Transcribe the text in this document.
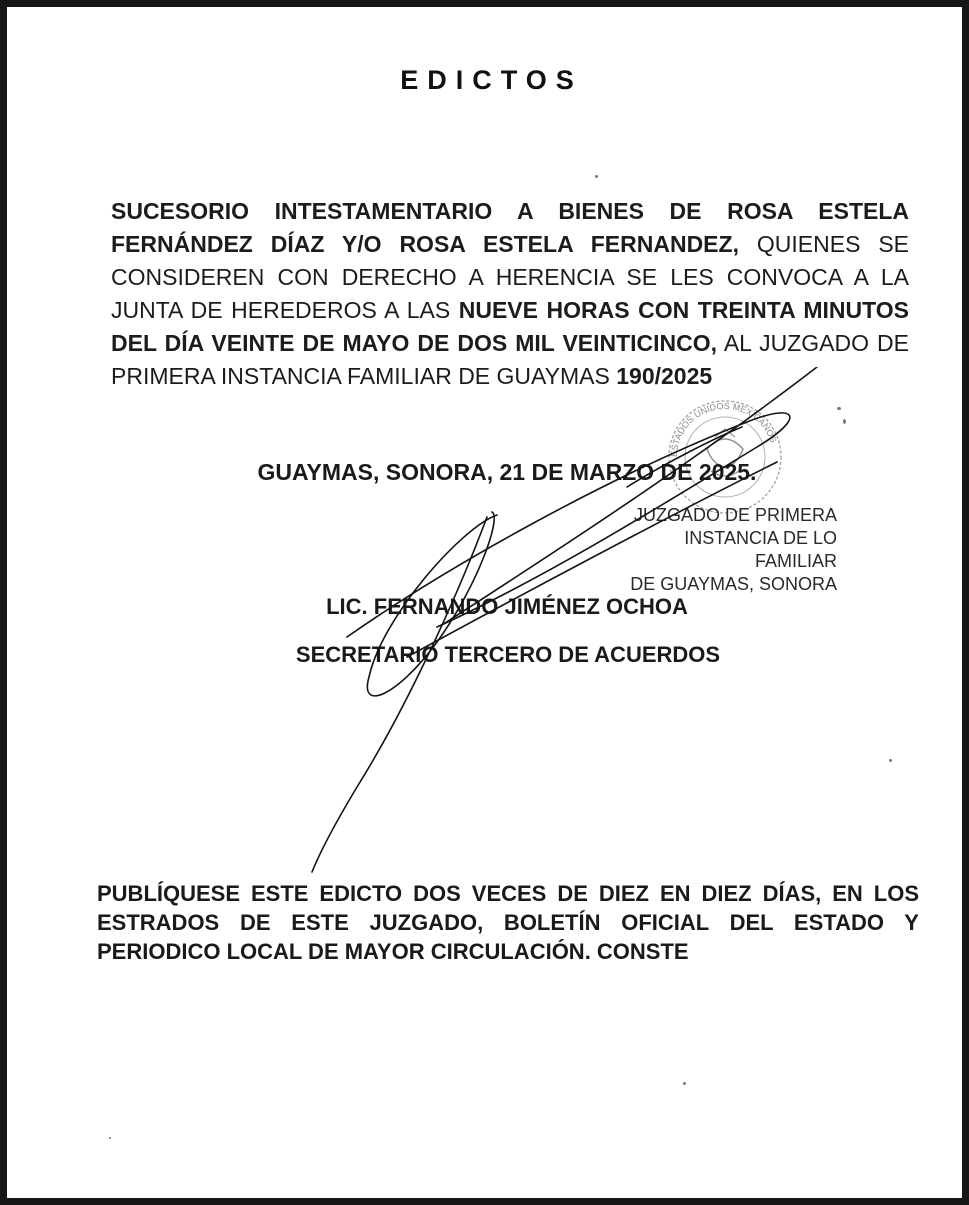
EDICTOS
SUCESORIO INTESTAMENTARIO A BIENES DE ROSA ESTELA FERNÁNDEZ DÍAZ Y/O ROSA ESTELA FERNANDEZ, QUIENES SE CONSIDEREN CON DERECHO A HERENCIA SE LES CONVOCA A LA JUNTA DE HEREDEROS A LAS NUEVE HORAS CON TREINTA MINUTOS DEL DÍA VEINTE DE MAYO DE DOS MIL VEINTICINCO, AL JUZGADO DE PRIMERA INSTANCIA FAMILIAR DE GUAYMAS 190/2025
ESTADOS UNIDOS MEXICANOS
GUAYMAS, SONORA, 21 DE MARZO DE 2025.
JUZGADO DE PRIMERA
INSTANCIA DE LO FAMILIAR
DE GUAYMAS, SONORA
LIC. FERNANDO JIMÉNEZ OCHOA
SECRETARIO TERCERO DE ACUERDOS
PUBLÍQUESE ESTE EDICTO DOS VECES DE DIEZ EN DIEZ DÍAS, EN LOS ESTRADOS DE ESTE JUZGADO, BOLETÍN OFICIAL DEL ESTADO Y PERIODICO LOCAL DE MAYOR CIRCULACIÓN. CONSTE
